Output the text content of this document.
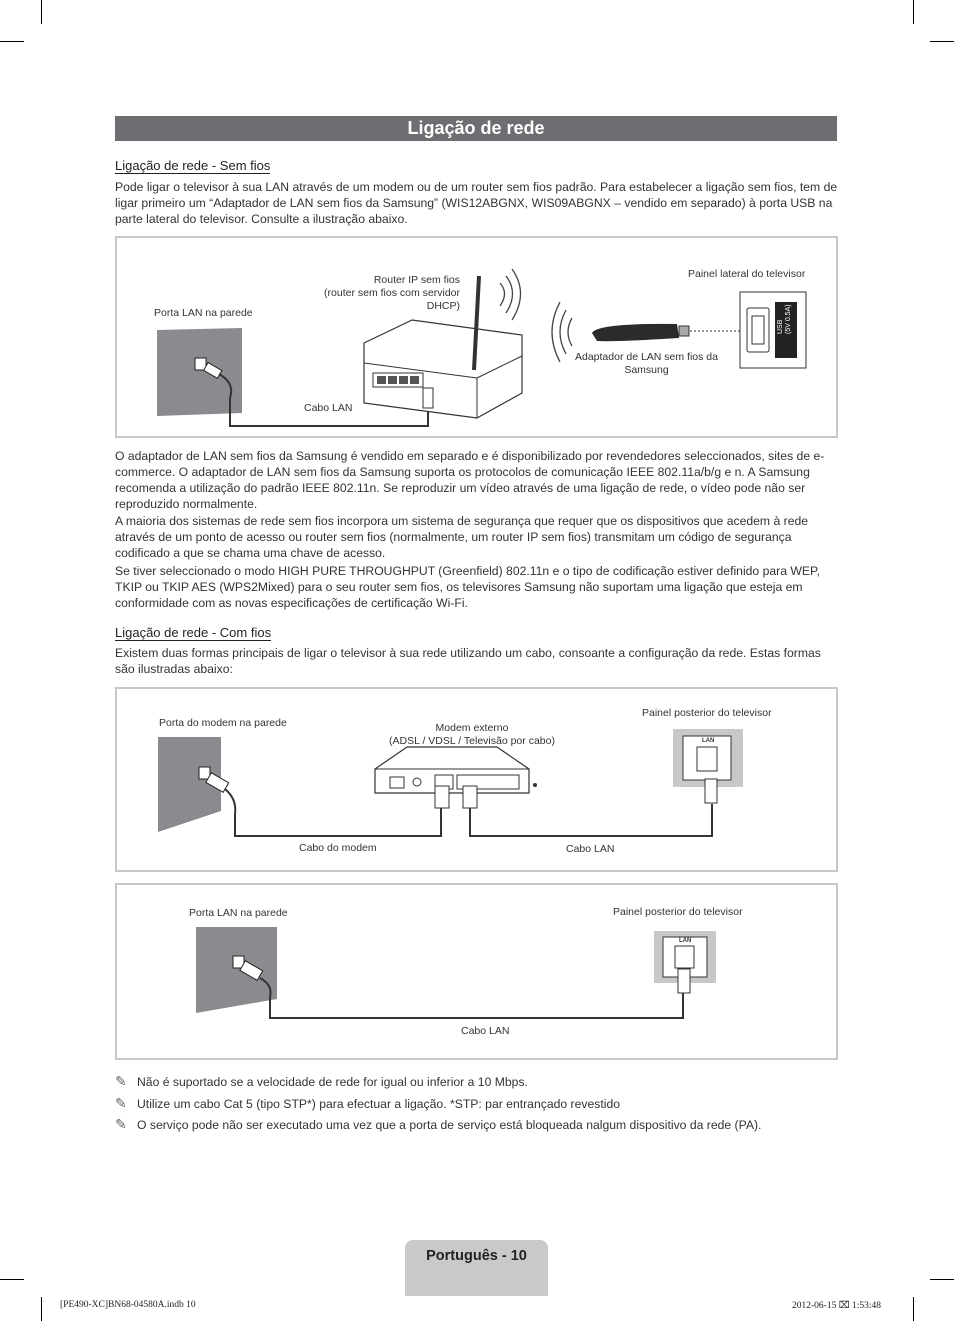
Ligação de rede
Ligação de rede - Sem fios

Pode ligar o televisor à sua LAN através de um modem ou de um router sem fios padrão. Para estabelecer a ligação sem fios, tem de ligar primeiro um “Adaptador de LAN sem fios da Samsung” (WIS12ABGNX, WIS09ABGNX – vendido em separado) à porta USB na parte lateral do televisor. Consulte a ilustração abaixo.

Porta LAN na parede
Router IP sem fios
(router sem fios com servidor
DHCP)
Painel lateral do televisor
Adaptador de LAN sem fios da
Samsung
Cabo LAN
USB (5V 0.5A)

O adaptador de LAN sem fios da Samsung é vendido em separado e é disponibilizado por revendedores seleccionados, sites de e-commerce. O adaptador de LAN sem fios da Samsung suporta os protocolos de comunicação IEEE 802.11a/b/g e n. A Samsung recomenda a utilização do padrão IEEE 802.11n. Se reproduzir um vídeo através de uma ligação de rede, o vídeo pode não ser reproduzido normalmente.

A maioria dos sistemas de rede sem fios incorpora um sistema de segurança que requer que os dispositivos que acedem à rede através de um ponto de acesso ou router sem fios (normalmente, um router IP sem fios) transmitam um código de segurança codificado a que se chama uma chave de acesso.

Se tiver seleccionado o modo HIGH PURE THROUGHPUT (Greenfield) 802.11n e o tipo de codificação estiver definido para WEP, TKIP ou TKIP AES (WPS2Mixed) para o seu router sem fios, os televisores Samsung não suportam uma ligação que esteja em conformidade com as novas especificações de certificação Wi-Fi.

Ligação de rede - Com fios

Existem duas formas principais de ligar o televisor à sua rede utilizando um cabo, consoante a configuração da rede. Estas formas são ilustradas abaixo:

Porta do modem na parede	Modem externo
(ADSL / VDSL / Televisão por cabo)
Painel posterior do televisor
Cabo do modem	Cabo LAN
LAN
Porta LAN na parede	Painel posterior do televisor
Cabo LAN
LAN
✎ Não é suportado se a velocidade de rede for igual ou inferior a 10 Mbps.
✎ Utilize um cabo Cat 5 (tipo STP*) para efectuar a ligação. *STP: par entrançado revestido
✎ O serviço pode não ser executado uma vez que a porta de serviço está bloqueada nalgum dispositivo da rede (PA).
Português - 10
[PE490-XC]BN68-04580A.indb 10	2012-06-15 ⌧ 1:53:48
